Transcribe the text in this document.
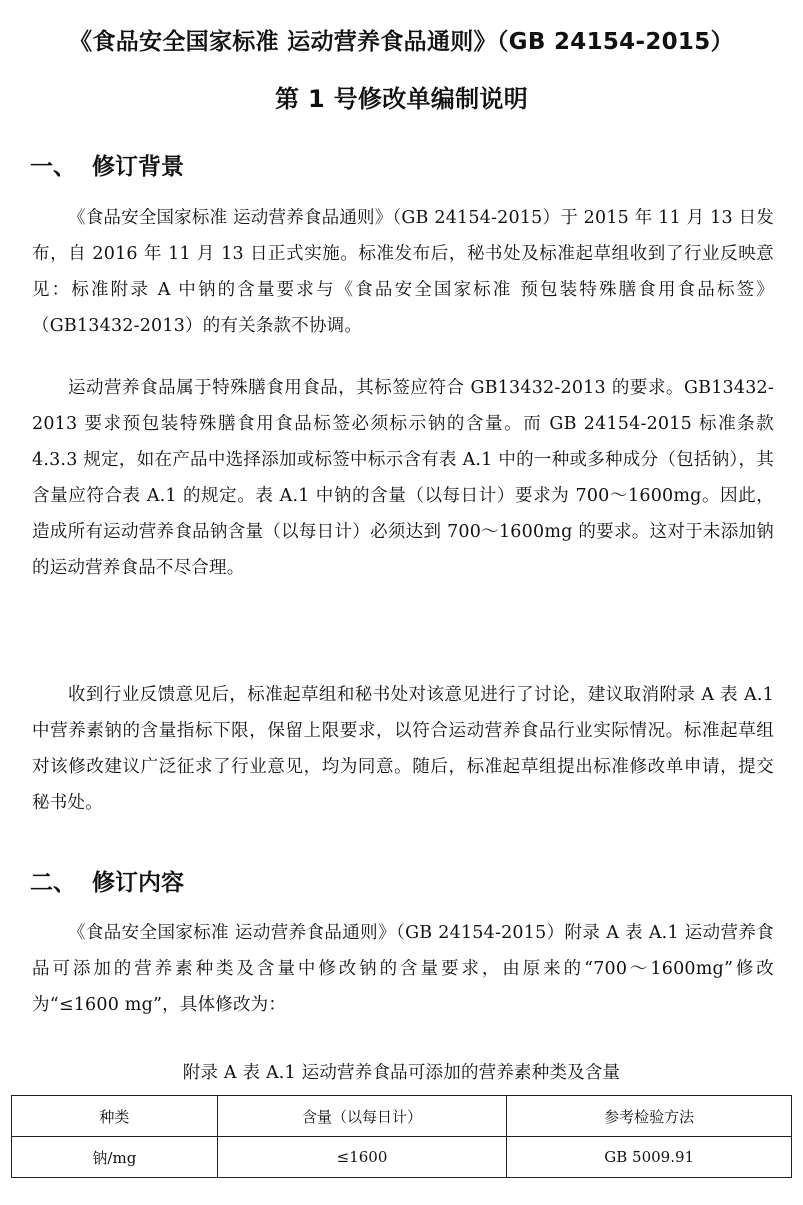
《食品安全国家标准 运动营养食品通则》（GB 24154-2015）
第 1 号修改单编制说明
一、 修订背景

《食品安全国家标准 运动营养食品通则》（GB 24154-2015）于 2015 年 11 月 13 日发布，自 2016 年 11 月 13 日正式实施。标准发布后，秘书处及标准起草组收到了行业反映意见：标准附录 A 中钠的含量要求与《食品安全国家标准 预包装特殊膳食用食品标签》（GB13432-2013）的有关条款不协调。

运动营养食品属于特殊膳食用食品，其标签应符合 GB13432-2013 的要求。GB13432-2013 要求预包装特殊膳食用食品标签必须标示钠的含量。而 GB 24154-2015 标准条款 4.3.3 规定，如在产品中选择添加或标签中标示含有表 A.1 中的一种或多种成分（包括钠），其含量应符合表 A.1 的规定。表 A.1 中钠的含量（以每日计）要求为 700～1600mg。因此，造成所有运动营养食品钠含量（以每日计）必须达到 700～1600mg 的要求。这对于未添加钠的运动营养食品不尽合理。

收到行业反馈意见后，标准起草组和秘书处对该意见进行了讨论，建议取消附录 A 表 A.1 中营养素钠的含量指标下限，保留上限要求，以符合运动营养食品行业实际情况。标准起草组对该修改建议广泛征求了行业意见，均为同意。随后，标准起草组提出标准修改单申请，提交秘书处。

二、 修订内容

《食品安全国家标准 运动营养食品通则》（GB 24154-2015）附录 A 表 A.1 运动营养食品可添加的营养素种类及含量中修改钠的含量要求，由原来的“700～1600mg”修改为“≤1600 mg”，具体修改为：

附录 A 表 A.1 运动营养食品可添加的营养素种类及含量
种类	含量（以每日计）	参考检验方法
钠/mg	≤1600	GB 5009.91
